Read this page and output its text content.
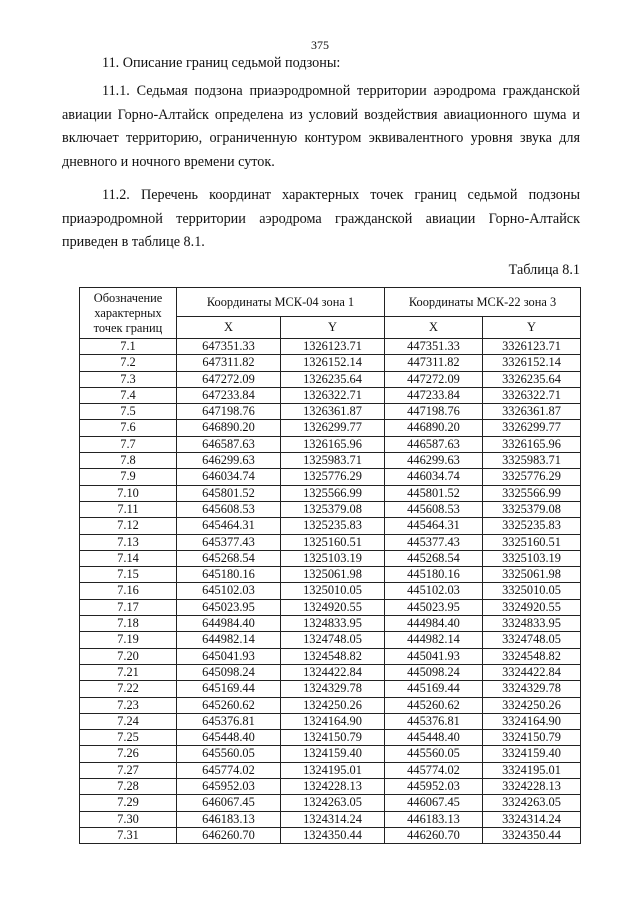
375
11. Описание границ седьмой подзоны:

11.1. Седьмая подзона приаэродромной территории аэродрома гражданской авиации Горно-Алтайск определена из условий воздействия авиационного шума и включает территорию, ограниченную контуром эквивалентного уровня звука для дневного и ночного времени суток.

11.2. Перечень координат характерных точек границ седьмой подзоны приаэродромной территории аэродрома гражданской авиации Горно-Алтайск приведен в таблице 8.1.

Таблица 8.1
Обозначение характерных точек границ	Координаты МСК-04 зона 1		Координаты МСК-22 зона 3	
	X	Y	X	Y
7.1	647351.33	1326123.71	447351.33	3326123.71
7.2	647311.82	1326152.14	447311.82	3326152.14
7.3	647272.09	1326235.64	447272.09	3326235.64
7.4	647233.84	1326322.71	447233.84	3326322.71
7.5	647198.76	1326361.87	447198.76	3326361.87
7.6	646890.20	1326299.77	446890.20	3326299.77
7.7	646587.63	1326165.96	446587.63	3326165.96
7.8	646299.63	1325983.71	446299.63	3325983.71
7.9	646034.74	1325776.29	446034.74	3325776.29
7.10	645801.52	1325566.99	445801.52	3325566.99
7.11	645608.53	1325379.08	445608.53	3325379.08
7.12	645464.31	1325235.83	445464.31	3325235.83
7.13	645377.43	1325160.51	445377.43	3325160.51
7.14	645268.54	1325103.19	445268.54	3325103.19
7.15	645180.16	1325061.98	445180.16	3325061.98
7.16	645102.03	1325010.05	445102.03	3325010.05
7.17	645023.95	1324920.55	445023.95	3324920.55
7.18	644984.40	1324833.95	444984.40	3324833.95
7.19	644982.14	1324748.05	444982.14	3324748.05
7.20	645041.93	1324548.82	445041.93	3324548.82
7.21	645098.24	1324422.84	445098.24	3324422.84
7.22	645169.44	1324329.78	445169.44	3324329.78
7.23	645260.62	1324250.26	445260.62	3324250.26
7.24	645376.81	1324164.90	445376.81	3324164.90
7.25	645448.40	1324150.79	445448.40	3324150.79
7.26	645560.05	1324159.40	445560.05	3324159.40
7.27	645774.02	1324195.01	445774.02	3324195.01
7.28	645952.03	1324228.13	445952.03	3324228.13
7.29	646067.45	1324263.05	446067.45	3324263.05
7.30	646183.13	1324314.24	446183.13	3324314.24
7.31	646260.70	1324350.44	446260.70	3324350.44
